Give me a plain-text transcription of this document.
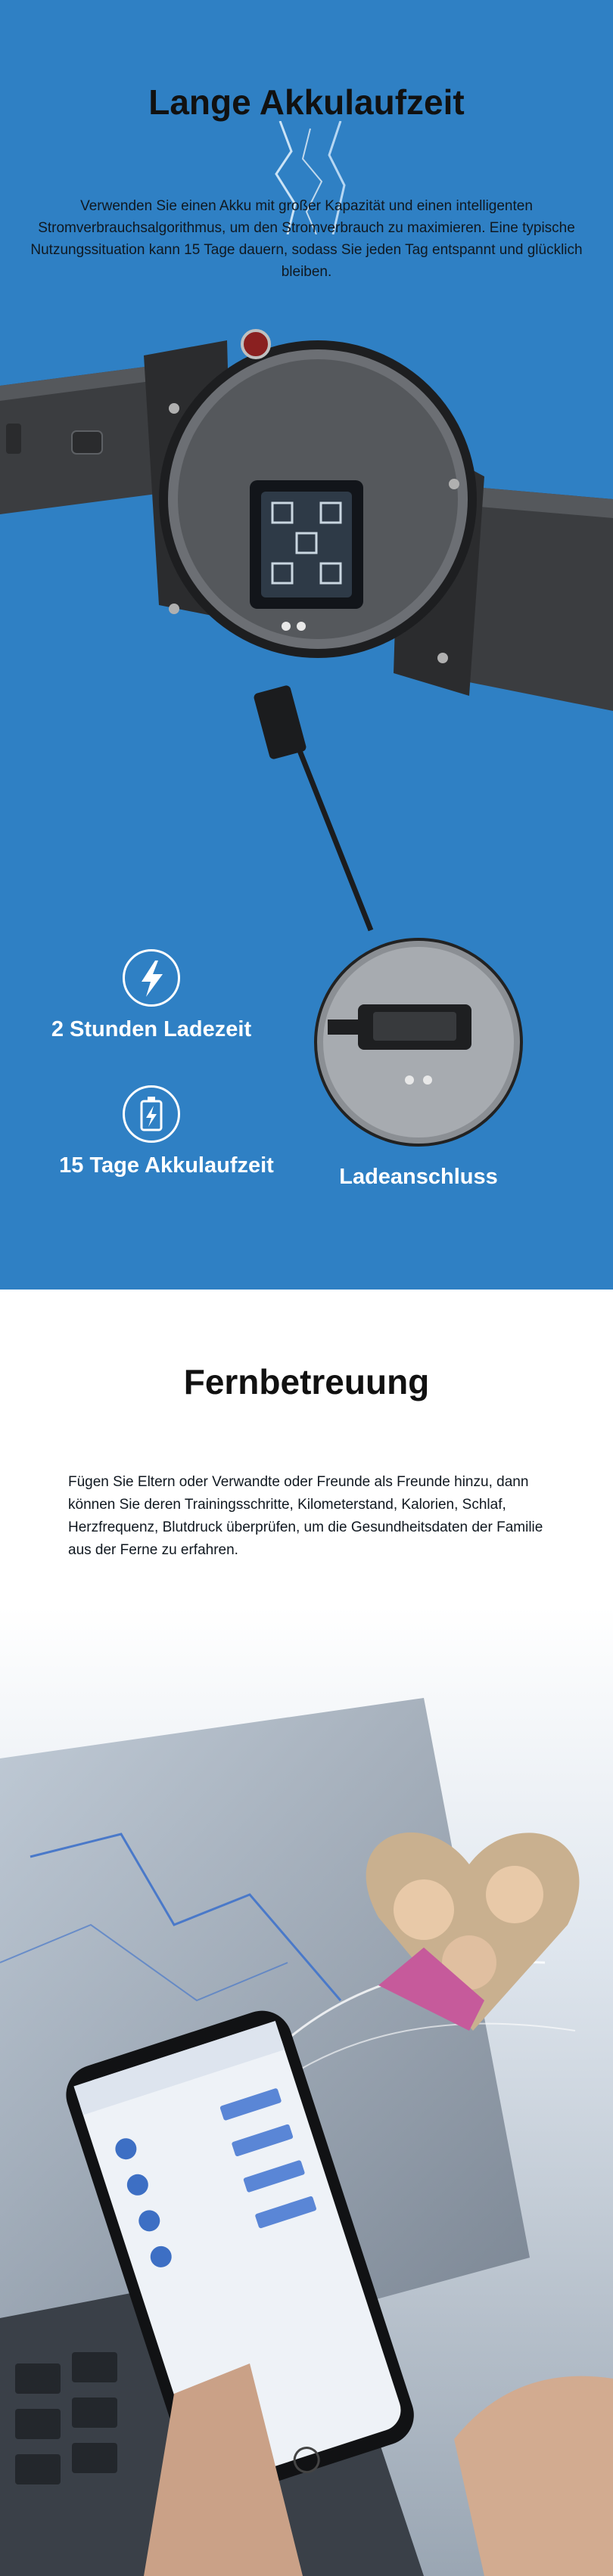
Lange Akkulaufzeit

Verwenden Sie einen Akku mit großer Kapazität und einen intelligenten Stromverbrauchsalgorithmus, um den Stromverbrauch zu maximieren. Eine typische Nutzungssituation kann 15 Tage dauern, sodass Sie jeden Tag entspannt und glücklich bleiben.

2 Stunden Ladezeit
15 Tage Akkulaufzeit	Ladeanschluss
Fernbetreuung

Fügen Sie Eltern oder Verwandte oder Freunde als Freunde hinzu, dann können Sie deren Trainingsschritte, Kilometerstand, Kalorien, Schlaf, Herzfrequenz, Blutdruck überprüfen, um die Gesundheitsdaten der Familie aus der Ferne zu erfahren.
